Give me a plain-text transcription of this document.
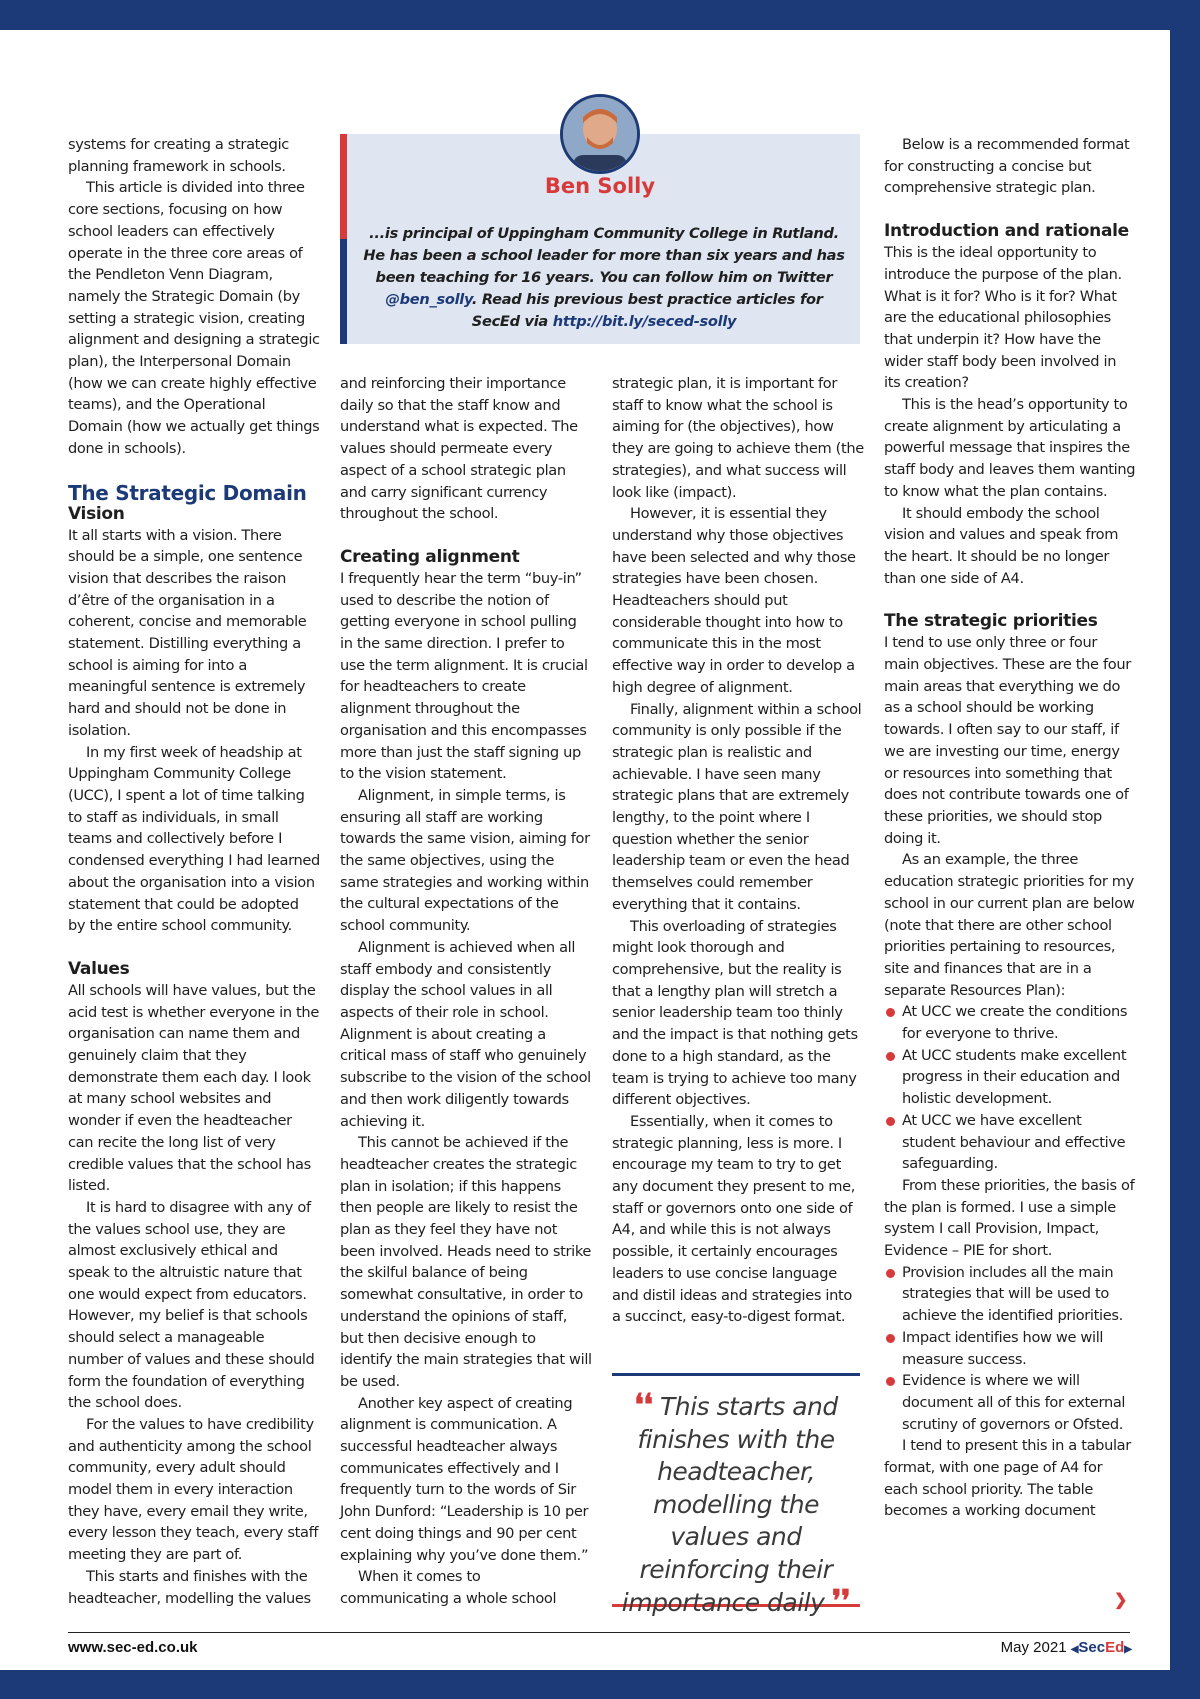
systems for creating a strategic planning framework in schools.

This article is divided into three core sections, focusing on how school leaders can effectively operate in the three core areas of the Pendleton Venn Diagram, namely the Strategic Domain (by setting a strategic vision, creating alignment and designing a strategic plan), the Interpersonal Domain (how we can create highly effective teams), and the Operational Domain (how we actually get things done in schools).

The Strategic Domain
Vision

It all starts with a vision. There should be a simple, one sentence vision that describes the raison d’être of the organisation in a coherent, concise and memorable statement. Distilling everything a school is aiming for into a meaningful sentence is extremely hard and should not be done in isolation.

In my first week of headship at Uppingham Community College (UCC), I spent a lot of time talking to staff as individuals, in small teams and collectively before I condensed everything I had learned about the organisation into a vision statement that could be adopted by the entire school community.

Values

All schools will have values, but the acid test is whether everyone in the organisation can name them and genuinely claim that they demonstrate them each day. I look at many school websites and wonder if even the headteacher can recite the long list of very credible values that the school has listed.

It is hard to disagree with any of the values school use, they are almost exclusively ethical and speak to the altruistic nature that one would expect from educators. However, my belief is that schools should select a manageable number of values and these should form the foundation of everything the school does.

For the values to have credibility and authenticity among the school community, every adult should model them in every interaction they have, every email they write, every lesson they teach, every staff meeting they are part of.

This starts and finishes with the headteacher, modelling the values

Ben Solly
...is principal of Uppingham Community College in Rutland. He has been a school leader for more than six years and has been teaching for 16 years. You can follow him on Twitter @ben_solly. Read his previous best practice articles for SecEd via http://bit.ly/seced-solly

and reinforcing their importance daily so that the staff know and understand what is expected. The values should permeate every aspect of a school strategic plan and carry significant currency throughout the school.

Creating alignment

I frequently hear the term “buy-in” used to describe the notion of getting everyone in school pulling in the same direction. I prefer to use the term alignment. It is crucial for headteachers to create alignment throughout the organisation and this encompasses more than just the staff signing up to the vision statement.

Alignment, in simple terms, is ensuring all staff are working towards the same vision, aiming for the same objectives, using the same strategies and working within the cultural expectations of the school community.

Alignment is achieved when all staff embody and consistently display the school values in all aspects of their role in school. Alignment is about creating a critical mass of staff who genuinely subscribe to the vision of the school and then work diligently towards achieving it.

This cannot be achieved if the headteacher creates the strategic plan in isolation; if this happens then people are likely to resist the plan as they feel they have not been involved. Heads need to strike the skilful balance of being somewhat consultative, in order to understand the opinions of staff, but then decisive enough to identify the main strategies that will be used.

Another key aspect of creating alignment is communication. A successful headteacher always communicates effectively and I frequently turn to the words of Sir John Dunford: “Leadership is 10 per cent doing things and 90 per cent explaining why you’ve done them.”

When it comes to communicating a whole school

strategic plan, it is important for staff to know what the school is aiming for (the objectives), how they are going to achieve them (the strategies), and what success will look like (impact).

However, it is essential they understand why those objectives have been selected and why those strategies have been chosen. Headteachers should put considerable thought into how to communicate this in the most effective way in order to develop a high degree of alignment.

Finally, alignment within a school community is only possible if the strategic plan is realistic and achievable. I have seen many strategic plans that are extremely lengthy, to the point where I question whether the senior leadership team or even the head themselves could remember everything that it contains.

This overloading of strategies might look thorough and comprehensive, but the reality is that a lengthy plan will stretch a senior leadership team too thinly and the impact is that nothing gets done to a high standard, as the team is trying to achieve too many different objectives.

Essentially, when it comes to strategic planning, less is more. I encourage my team to try to get any document they present to me, staff or governors onto one side of A4, and while this is not always possible, it certainly encourages leaders to use concise language and distil ideas and strategies into a succinct, easy-to-digest format.

❛❛ This starts and finishes with the headteacher, modelling the values and reinforcing their importance daily ❜❜

Below is a recommended format for constructing a concise but comprehensive strategic plan.

Introduction and rationale

This is the ideal opportunity to introduce the purpose of the plan. What is it for? Who is it for? What are the educational philosophies that underpin it? How have the wider staff body been involved in its creation?

This is the head’s opportunity to create alignment by articulating a powerful message that inspires the staff body and leaves them wanting to know what the plan contains.

It should embody the school vision and values and speak from the heart. It should be no longer than one side of A4.

The strategic priorities

I tend to use only three or four main objectives. These are the four main areas that everything we do as a school should be working towards. I often say to our staff, if we are investing our time, energy or resources into something that does not contribute towards one of these priorities, we should stop doing it.

As an example, the three education strategic priorities for my school in our current plan are below (note that there are other school priorities pertaining to resources, site and finances that are in a separate Resources Plan):

At UCC we create the conditions for everyone to thrive.
At UCC students make excellent progress in their education and holistic development.
At UCC we have excellent student behaviour and effective safeguarding.

From these priorities, the basis of the plan is formed. I use a simple system I call Provision, Impact, Evidence – PIE for short.

Provision includes all the main strategies that will be used to achieve the identified priorities.
Impact identifies how we will measure success.
Evidence is where we will document all of this for external scrutiny of governors or Ofsted.

I tend to present this in a tabular format, with one page of A4 for each school priority. The table becomes a working document

❯
www.sec-ed.co.uk	May 2021 ◀SecEd▶
